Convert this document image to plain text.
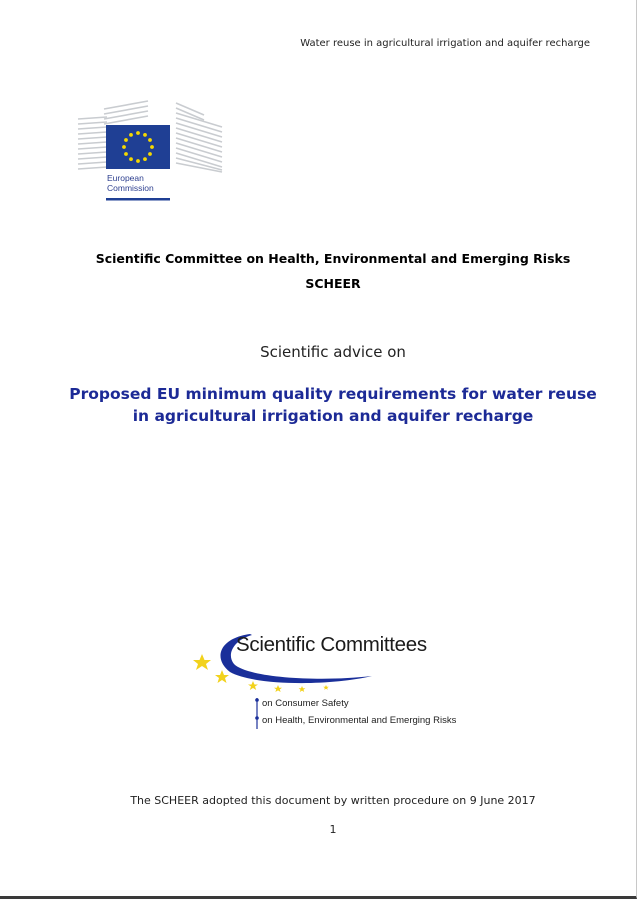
Water reuse in agricultural irrigation and aquifer recharge
European
Commission
Scientific Committee on Health, Environmental and Emerging Risks
SCHEER
Scientific advice on
Proposed EU minimum quality requirements for water reuse
in agricultural irrigation and aquifer recharge
Scientific Committees
on Consumer Safety
on Health, Environmental and Emerging Risks
The SCHEER adopted this document by written procedure on 9 June 2017
1
